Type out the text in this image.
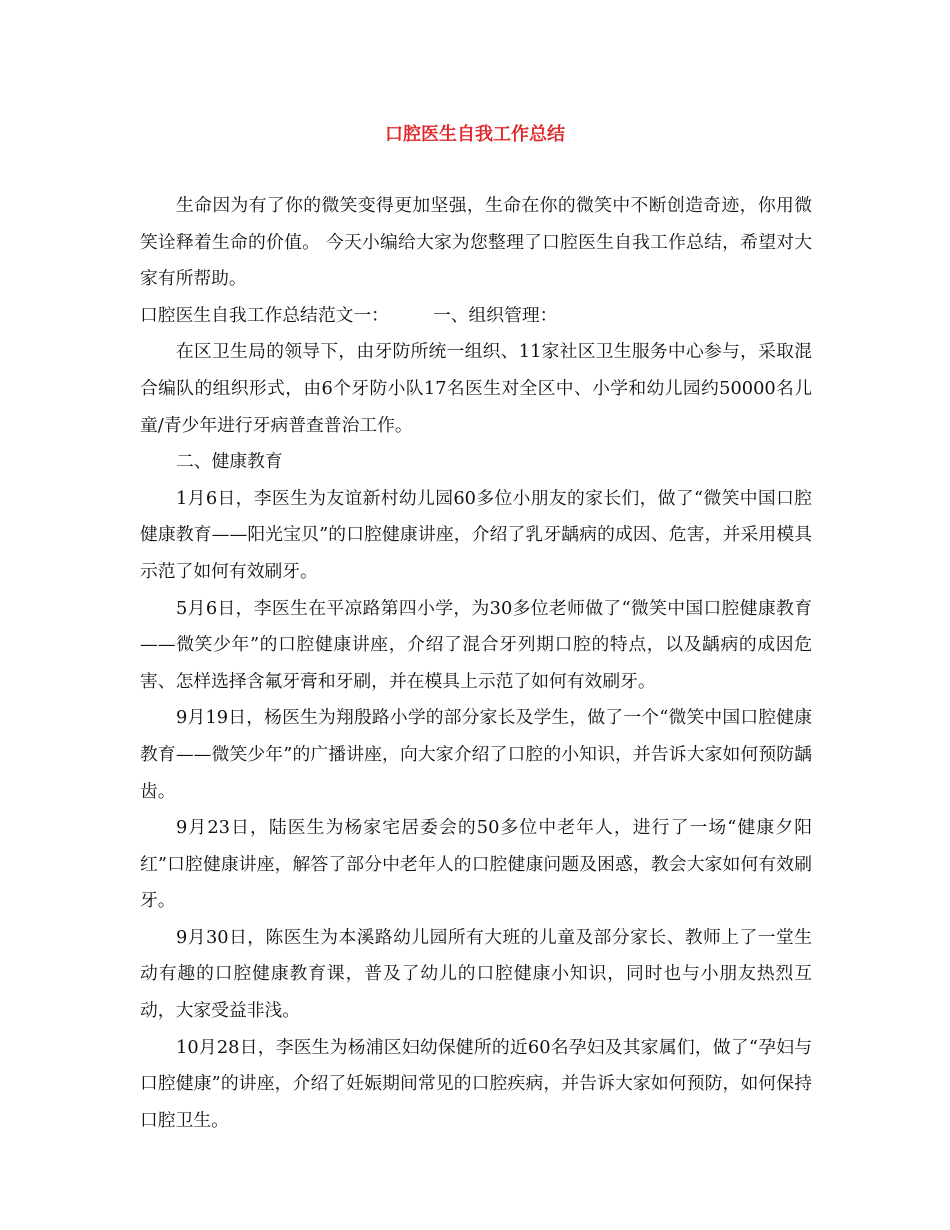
口腔医生自我工作总结

生命因为有了你的微笑变得更加坚强，生命在你的微笑中不断创造奇迹，你用微笑诠释着生命的价值。 今天小编给大家为您整理了口腔医生自我工作总结，希望对大家有所帮助。

口腔医生自我工作总结范文一： 一、组织管理：

在区卫生局的领导下，由牙防所统一组织、11家社区卫生服务中心参与，采取混合编队的组织形式，由6个牙防小队17名医生对全区中、小学和幼儿园约50000名儿童/青少年进行牙病普查普治工作。

二、健康教育

1月6日，李医生为友谊新村幼儿园60多位小朋友的家长们，做了“微笑中国口腔健康教育——阳光宝贝”的口腔健康讲座，介绍了乳牙龋病的成因、危害，并采用模具示范了如何有效刷牙。

5月6日，李医生在平凉路第四小学，为30多位老师做了“微笑中国口腔健康教育——微笑少年”的口腔健康讲座，介绍了混合牙列期口腔的特点，以及龋病的成因危害、怎样选择含氟牙膏和牙刷，并在模具上示范了如何有效刷牙。

9月19日，杨医生为翔殷路小学的部分家长及学生，做了一个“微笑中国口腔健康教育——微笑少年”的广播讲座，向大家介绍了口腔的小知识，并告诉大家如何预防龋齿。

9月23日，陆医生为杨家宅居委会的50多位中老年人，进行了一场“健康夕阳红”口腔健康讲座，解答了部分中老年人的口腔健康问题及困惑，教会大家如何有效刷牙。

9月30日，陈医生为本溪路幼儿园所有大班的儿童及部分家长、教师上了一堂生动有趣的口腔健康教育课，普及了幼儿的口腔健康小知识，同时也与小朋友热烈互动，大家受益非浅。

10月28日，李医生为杨浦区妇幼保健所的近60名孕妇及其家属们，做了“孕妇与口腔健康”的讲座，介绍了妊娠期间常见的口腔疾病，并告诉大家如何预防，如何保持口腔卫生。
